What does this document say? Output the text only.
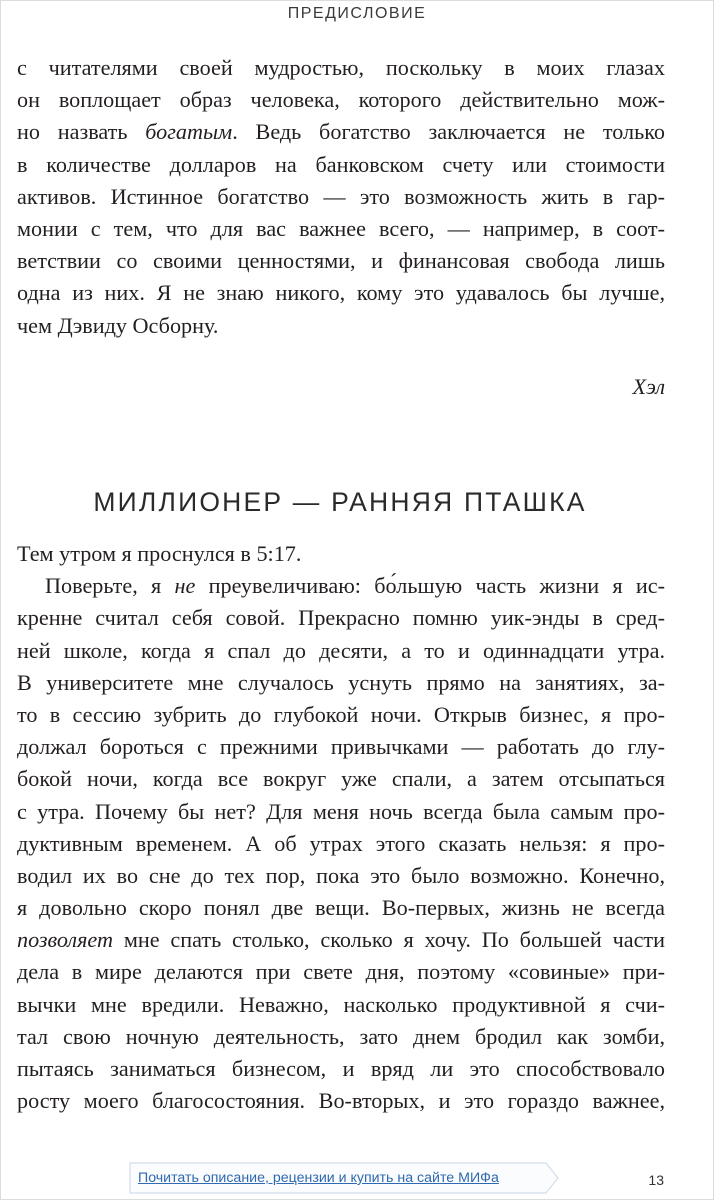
ПРЕДИСЛОВИЕ
с читателями своей мудростью, поскольку в моих глазах
он воплощает образ человека, которого действительно мож-
но назвать богатым. Ведь богатство заключается не только
в количестве долларов на банковском счету или стоимости
активов. Истинное богатство — это возможность жить в гар-
монии с тем, что для вас важнее всего, — например, в соот-
ветствии со своими ценностями, и финансовая свобода лишь
одна из них. Я не знаю никого, кому это удавалось бы лучше,
чем Дэвиду Осборну.
Хэл
МИЛЛИОНЕР — РАННЯЯ ПТАШКА
Тем утром я проснулся в 5:17.
Поверьте, я не преувеличиваю: бо́льшую часть жизни я ис-
кренне считал себя совой. Прекрасно помню уик-энды в сред-
ней школе, когда я спал до десяти, а то и одиннадцати утра.
В университете мне случалось уснуть прямо на занятиях, за-
то в сессию зубрить до глубокой ночи. Открыв бизнес, я про-
должал бороться с прежними привычками — работать до глу-
бокой ночи, когда все вокруг уже спали, а затем отсыпаться
с утра. Почему бы нет? Для меня ночь всегда была самым про-
дуктивным временем. А об утрах этого сказать нельзя: я про-
водил их во сне до тех пор, пока это было возможно. Конечно,
я довольно скоро понял две вещи. Во-первых, жизнь не всегда
позволяет мне спать столько, сколько я хочу. По большей части
дела в мире делаются при свете дня, поэтому «совиные» при-
вычки мне вредили. Неважно, насколько продуктивной я счи-
тал свою ночную деятельность, зато днем бродил как зомби,
пытаясь заниматься бизнесом, и вряд ли это способствовало
росту моего благосостояния. Во-вторых, и это гораздо важнее,
Почитать описание, рецензии и купить на сайте МИФа	13
